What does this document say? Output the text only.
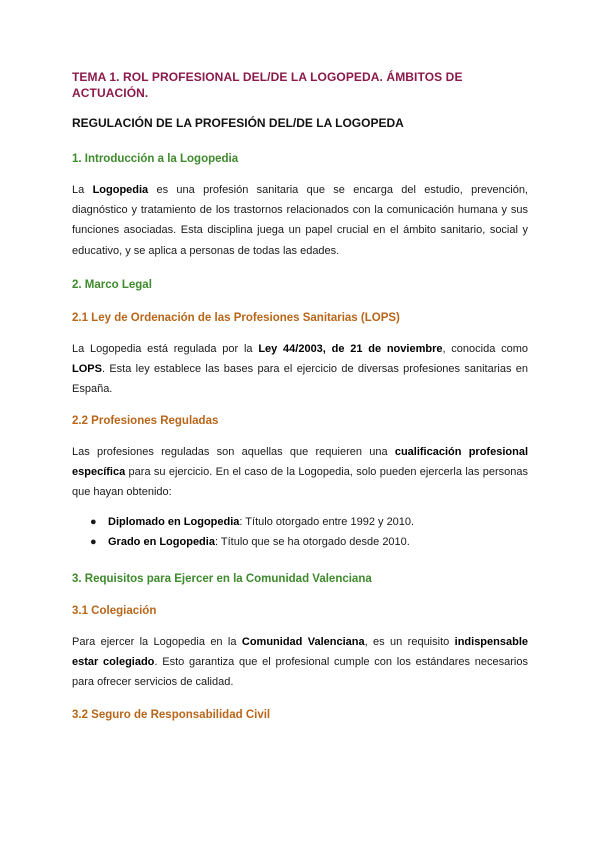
TEMA 1. ROL PROFESIONAL DEL/DE LA LOGOPEDA. ÁMBITOS DE ACTUACIÓN.
REGULACIÓN DE LA PROFESIÓN DEL/DE LA LOGOPEDA
1. Introducción a la Logopedia

La Logopedia es una profesión sanitaria que se encarga del estudio, prevención, diagnóstico y tratamiento de los trastornos relacionados con la comunicación humana y sus funciones asociadas. Esta disciplina juega un papel crucial en el ámbito sanitario, social y educativo, y se aplica a personas de todas las edades.

2. Marco Legal
2.1 Ley de Ordenación de las Profesiones Sanitarias (LOPS)

La Logopedia está regulada por la Ley 44/2003, de 21 de noviembre, conocida como LOPS. Esta ley establece las bases para el ejercicio de diversas profesiones sanitarias en España.

2.2 Profesiones Reguladas

Las profesiones reguladas son aquellas que requieren una cualificación profesional específica para su ejercicio. En el caso de la Logopedia, solo pueden ejercerla las personas que hayan obtenido:

● Diplomado en Logopedia: Título otorgado entre 1992 y 2010.
● Grado en Logopedia: Título que se ha otorgado desde 2010.
3. Requisitos para Ejercer en la Comunidad Valenciana
3.1 Colegiación

Para ejercer la Logopedia en la Comunidad Valenciana, es un requisito indispensable estar colegiado. Esto garantiza que el profesional cumple con los estándares necesarios para ofrecer servicios de calidad.

3.2 Seguro de Responsabilidad Civil
